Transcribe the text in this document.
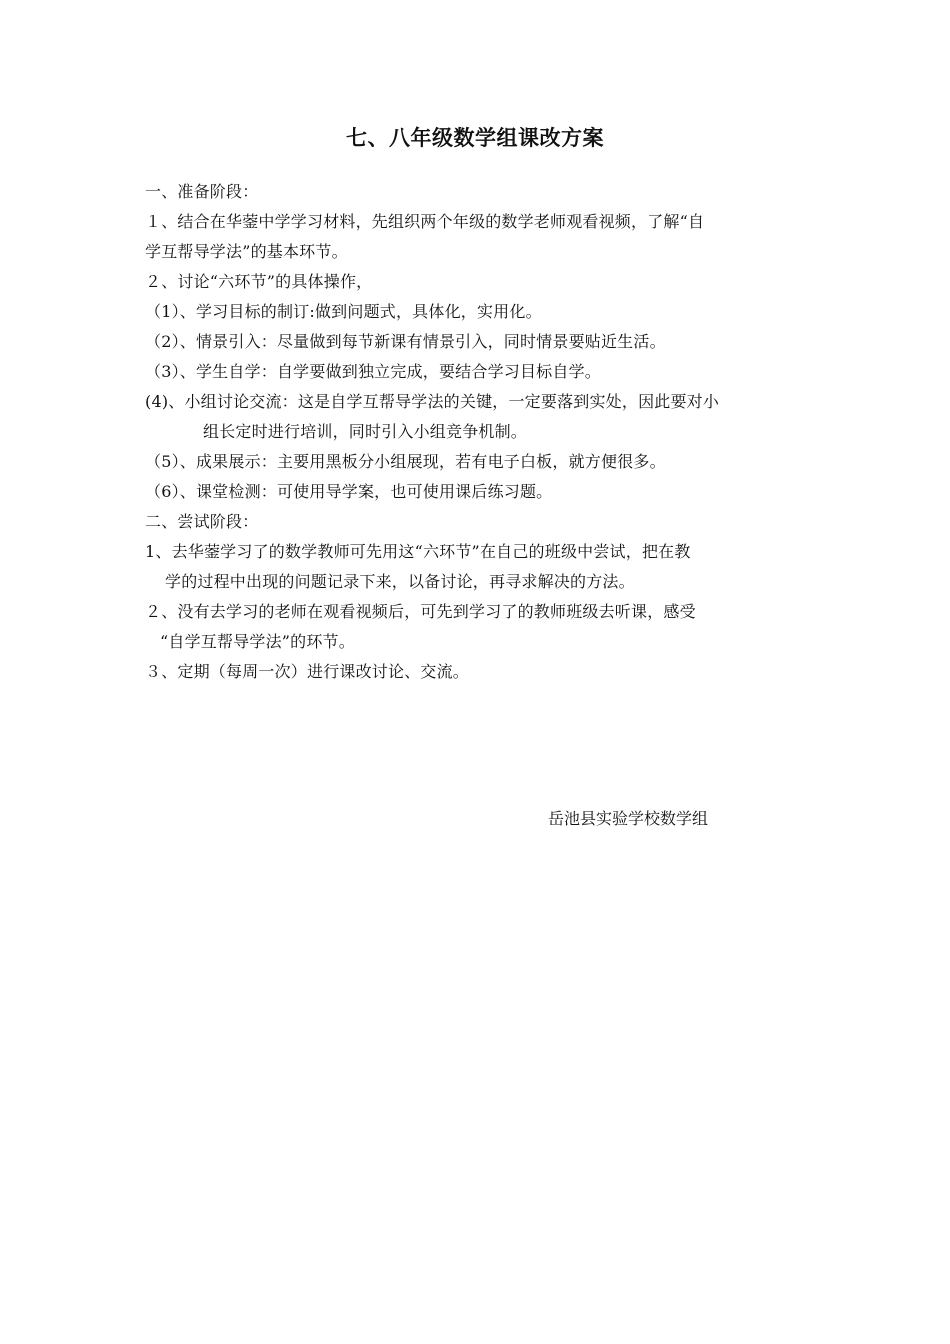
七、八年级数学组课改方案
一、准备阶段：
１、结合在华蓥中学学习材料，先组织两个年级的数学老师观看视频，了解“自
学互帮导学法”的基本环节。
２、讨论“六环节”的具体操作，
（1）、学习目标的制订:做到问题式，具体化，实用化。
（2）、情景引入：尽量做到每节新课有情景引入，同时情景要贴近生活。
（3）、学生自学：自学要做到独立完成，要结合学习目标自学。
(4)、小组讨论交流：这是自学互帮导学法的关键，一定要落到实处，因此要对小
组长定时进行培训，同时引入小组竞争机制。
（5）、成果展示：主要用黑板分小组展现，若有电子白板，就方便很多。
（6）、课堂检测：可使用导学案，也可使用课后练习题。
二、尝试阶段：
1、去华蓥学习了的数学教师可先用这“六环节”在自己的班级中尝试，把在教
学的过程中出现的问题记录下来，以备讨论，再寻求解决的方法。
２、没有去学习的老师在观看视频后，可先到学习了的教师班级去听课，感受
“自学互帮导学法”的环节。
３、定期（每周一次）进行课改讨论、交流。
岳池县实验学校数学组
